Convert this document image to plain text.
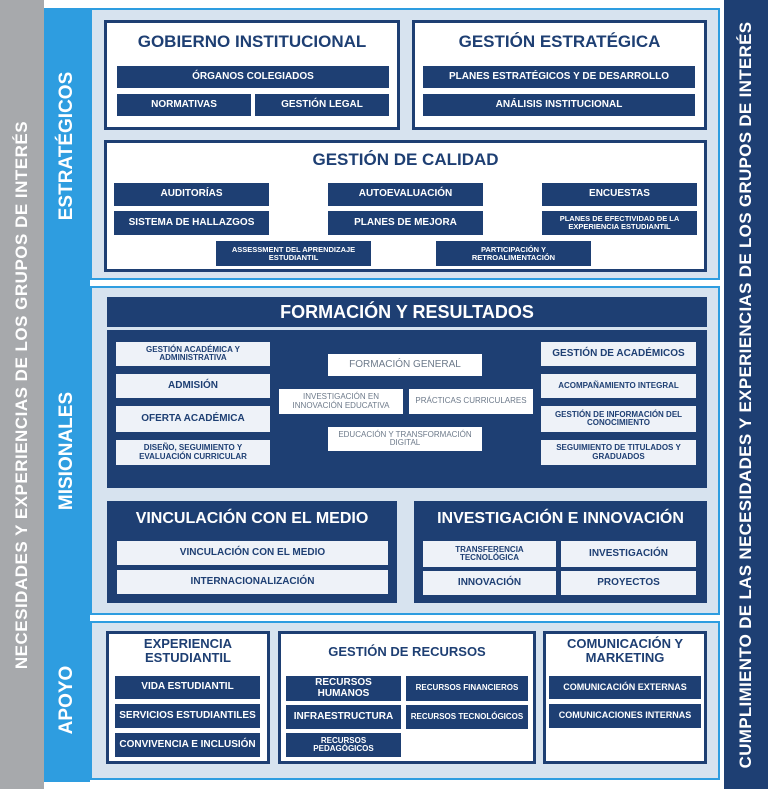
NECESIDADES Y EXPERIENCIAS DE LOS GRUPOS DE INTERÉS	CUMPLIMIENTO DE LAS NECESIDADES Y EXPERIENCIAS DE LOS GRUPOS DE INTERÉS
ESTRATÉGICOS
MISIONALES
APOYO
GOBIERNO INSTITUCIONAL
ÓRGANOS COLEGIADOS
NORMATIVAS	GESTIÓN LEGAL
GESTIÓN ESTRATÉGICA
PLANES ESTRATÉGICOS Y DE DESARROLLO
ANÁLISIS INSTITUCIONAL
GESTIÓN DE CALIDAD
AUDITORÍAS	AUTOEVALUACIÓN	ENCUESTAS
SISTEMA DE HALLAZGOS	PLANES DE MEJORA	PLANES DE EFECTIVIDAD DE LA EXPERIENCIA ESTUDIANTIL
ASSESSMENT DEL APRENDIZAJE ESTUDIANTIL
PARTICIPACIÓN Y RETROALIMENTACIÓN
FORMACIÓN Y RESULTADOS
GESTIÓN ACADÉMICA Y ADMINISTRATIVA
ADMISIÓN
OFERTA ACADÉMICA
DISEÑO, SEGUIMIENTO Y EVALUACIÓN CURRICULAR
FORMACIÓN GENERAL
INVESTIGACIÓN EN INNOVACIÓN EDUCATIVA	PRÁCTICAS CURRICULARES
EDUCACIÓN Y TRANSFORMACIÓN DIGITAL
GESTIÓN DE ACADÉMICOS
ACOMPAÑAMIENTO INTEGRAL
GESTIÓN DE INFORMACIÓN DEL CONOCIMIENTO
SEGUIMIENTO DE TITULADOS Y GRADUADOS
VINCULACIÓN CON EL MEDIO
VINCULACIÓN CON EL MEDIO
INTERNACIONALIZACIÓN
INVESTIGACIÓN E INNOVACIÓN
TRANSFERENCIA TECNOLÓGICA	INVESTIGACIÓN
INNOVACIÓN	PROYECTOS
EXPERIENCIA ESTUDIANTIL
VIDA ESTUDIANTIL
SERVICIOS ESTUDIANTILES
CONVIVENCIA E INCLUSIÓN
GESTIÓN DE RECURSOS
RECURSOS HUMANOS	RECURSOS FINANCIEROS
INFRAESTRUCTURA	RECURSOS TECNOLÓGICOS
RECURSOS PEDAGÓGICOS
COMUNICACIÓN Y MARKETING
COMUNICACIÓN EXTERNAS
COMUNICACIONES INTERNAS
